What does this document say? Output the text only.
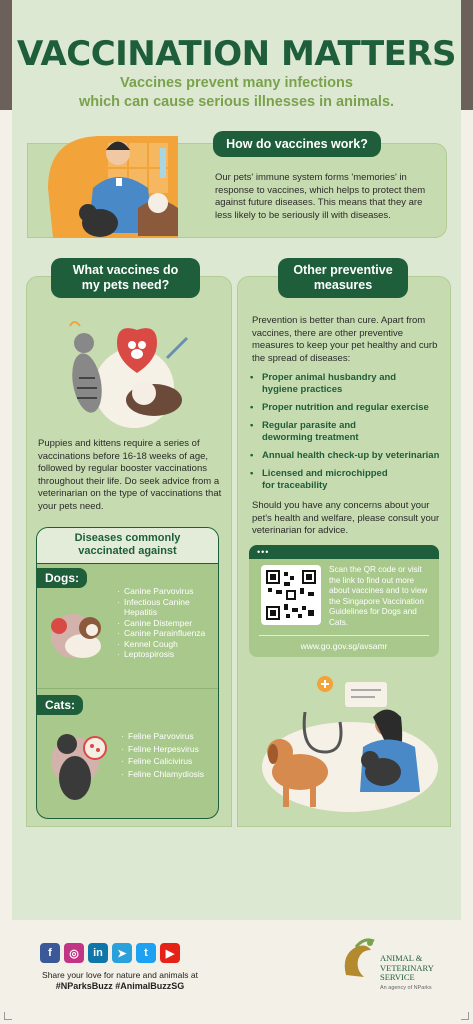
VACCINATION MATTERS
Vaccines prevent many infections
which can cause serious illnesses in animals.
How do vaccines work?
Our pets' immune system forms 'memories' in response to vaccines, which helps to protect them against future diseases. This means that they are less likely to be seriously ill with diseases.
What vaccines do
my pets need?
Puppies and kittens require a series of vaccinations before 16-18 weeks of age, followed by regular booster vaccinations throughout their life. Do seek advice from a veterinarian on the type of vaccinations that your pets need.
Diseases commonly
vaccinated against
Dogs:
· Canine Parvovirus
· Infectious Canine
Hepatitis
· Canine Distemper
· Canine Parainfluenza
· Kennel Cough
· Leptospirosis
Cats:
· Feline Parvovirus
· Feline Herpesvirus
· Feline Calicivirus
· Feline Chlamydiosis
Other preventive
measures
Prevention is better than cure. Apart from vaccines, there are other preventive measures to keep your pet healthy and curb the spread of diseases:
• Proper animal husbandry and
hygiene practices
• Proper nutrition and regular exercise
• Regular parasite and
deworming treatment
• Annual health check-up by veterinarian
• Licensed and microchipped
for traceability
Should you have any concerns about your pet's health and welfare, please consult your veterinarian for advice.
•••
Scan the QR code or visit the link to find out more about vaccines and to view the Singapore Vaccination Guidelines for Dogs and Cats.
www.go.gov.sg/avsamr
f	◎	in	➤	t	▶
Share your love for nature and animals at
#NParksBuzz #AnimalBuzzSG
ANIMAL &
VETERINARY
SERVICE
An agency of NParks
